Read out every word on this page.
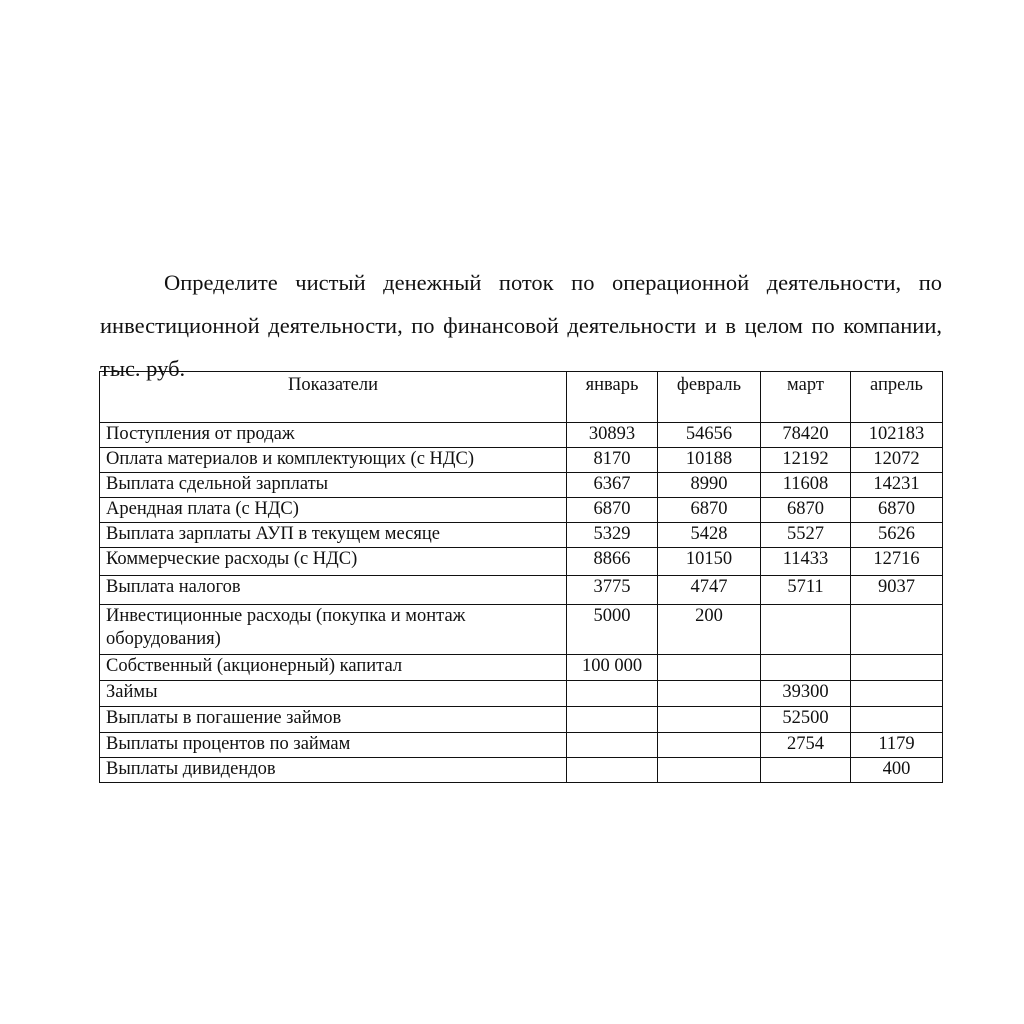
Определите чистый денежный поток по операционной деятельности, по инвестиционной деятельности, по финансовой деятельности и в целом по компании, тыс. руб.

Показатели	январь	февраль	март	апрель
Поступления от продаж	30893	54656	78420	102183
Оплата материалов и комплектующих (с НДС)	8170	10188	12192	12072
Выплата сдельной зарплаты	6367	8990	11608	14231
Арендная плата (с НДС)	6870	6870	6870	6870
Выплата зарплаты АУП в текущем месяце	5329	5428	5527	5626
Коммерческие расходы (с НДС)	8866	10150	11433	12716
Выплата налогов	3775	4747	5711	9037
Инвестиционные расходы (покупка и монтаж оборудования)	5000	200		
Собственный (акционерный) капитал	100 000			
Займы			39300	
Выплаты в погашение займов			52500	
Выплаты процентов по займам			2754	1179
Выплаты дивидендов				400
